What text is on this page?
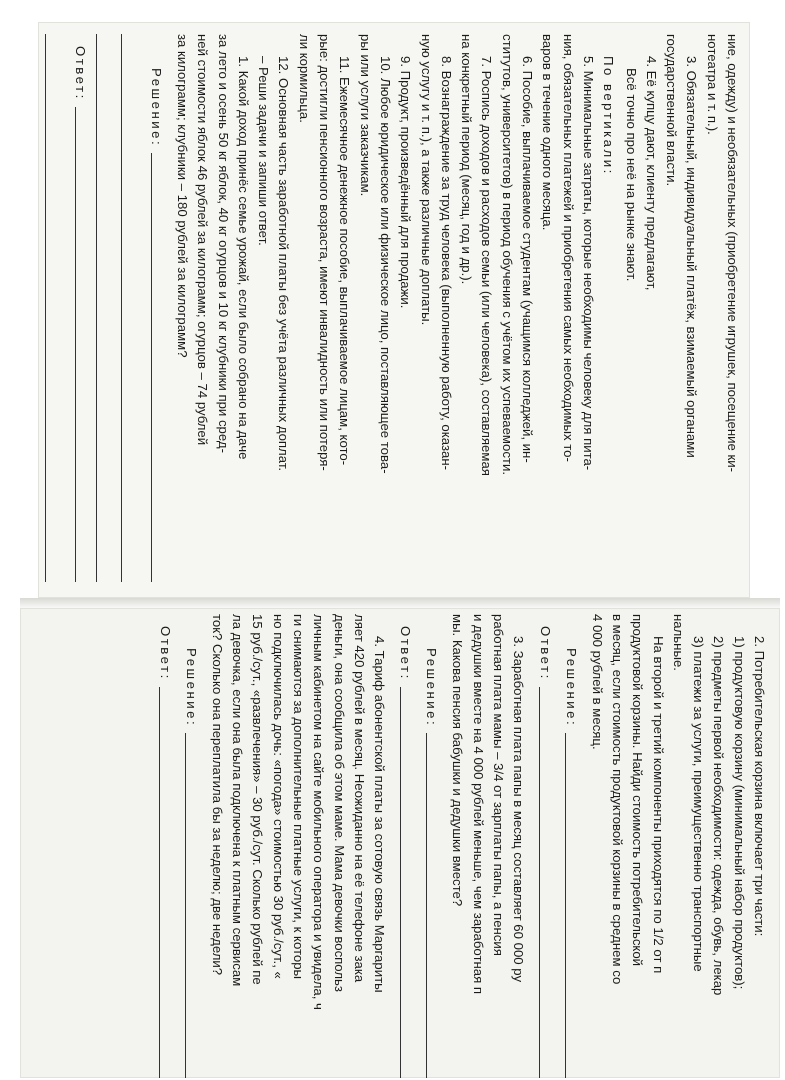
ние, одежду) и необязательных (приобретение игрушек, посещение ки-

нотеатра и т. п.).

3. Обязательный, индивидуальный платёж, взимаемый органами

государственной власти.

4. Её купцу дают, клиенту предлагают,

Всё точно про неё на рынке знают.

По вертикали:

5. Минимальные затраты, которые необходимы человеку для пита-

ния, обязательных платежей и приобретения самых необходимых то-

варов в течение одного месяца.

6. Пособие, выплачиваемое студентам (учащимся колледжей, ин-

ститутов, университетов) в период обучения с учётом их успеваемости.

7. Роспись доходов и расходов семьи (или человека), составляемая

на конкретный период (месяц, год и др.).

8. Вознаграждение за труд человека (выполненную работу, оказан-

ную услугу и т. п.), а также различные доплаты.

9. Продукт, произведённый для продажи.

10. Любое юридическое или физическое лицо, поставляющее това-

ры или услуги заказчикам.

11. Ежемесячное денежное пособие, выплачиваемое лицам, кото-

рые: достигли пенсионного возраста, имеют инвалидность или потеря-

ли кормильца.

12. Основная часть заработной платы без учёта различных доплат.

– Реши задачи и запиши ответ.

1. Какой доход принёс семье урожай, если было собрано на даче

за лето и осень 50 кг яблок, 40 кг огурцов и 10 кг клубники при сред-

ней стоимости яблок 46 рублей за килограмм; огурцов – 74 рублей

за килограмм; клубники – 180 рублей за килограмм?

Решение:
Ответ:

2. Потребительская корзина включает три части:

1) продуктовую корзину (минимальный набор продуктов);

2) предметы первой необходимости: одежда, обувь, лекар

3) платежи за услуги, преимущественно транспортные

нальные.

На второй и третий компоненты приходятся по 1/2 от п

продуктовой корзины. Найди стоимость потребительской

в месяц, если стоимость продуктовой корзины в среднем со

4 000 рублей в месяц.

Решение:
Ответ:

3. Заработная плата папы в месяц составляет 60 000 ру

работная плата мамы – 3/4 от зарплаты папы, а пенсия

и дедушки вместе на 4 000 рублей меньше, чем заработная п

мы. Какова пенсия бабушки и дедушки вместе?

Решение:
Ответ:

4. Тариф абонентской платы за сотовую связь Маргариты

ляет 420 рублей в месяц. Неожиданно на её телефоне зака

деньги, она сообщила об этом маме. Мама девочки воспольз

личным кабинетом на сайте мобильного оператора и увидела, ч

ги снимаются за дополнительные платные услуги, к которы

но подключилась дочь: «погода» стоимостью 30 руб./сут., «

15 руб./сут., «развлечения» – 30 руб./сут. Сколько рублей пе

ла девочка, если она была подключена к платным сервисам

ток? Сколько она переплатила бы за неделю; две недели?

Решение:
Ответ:
